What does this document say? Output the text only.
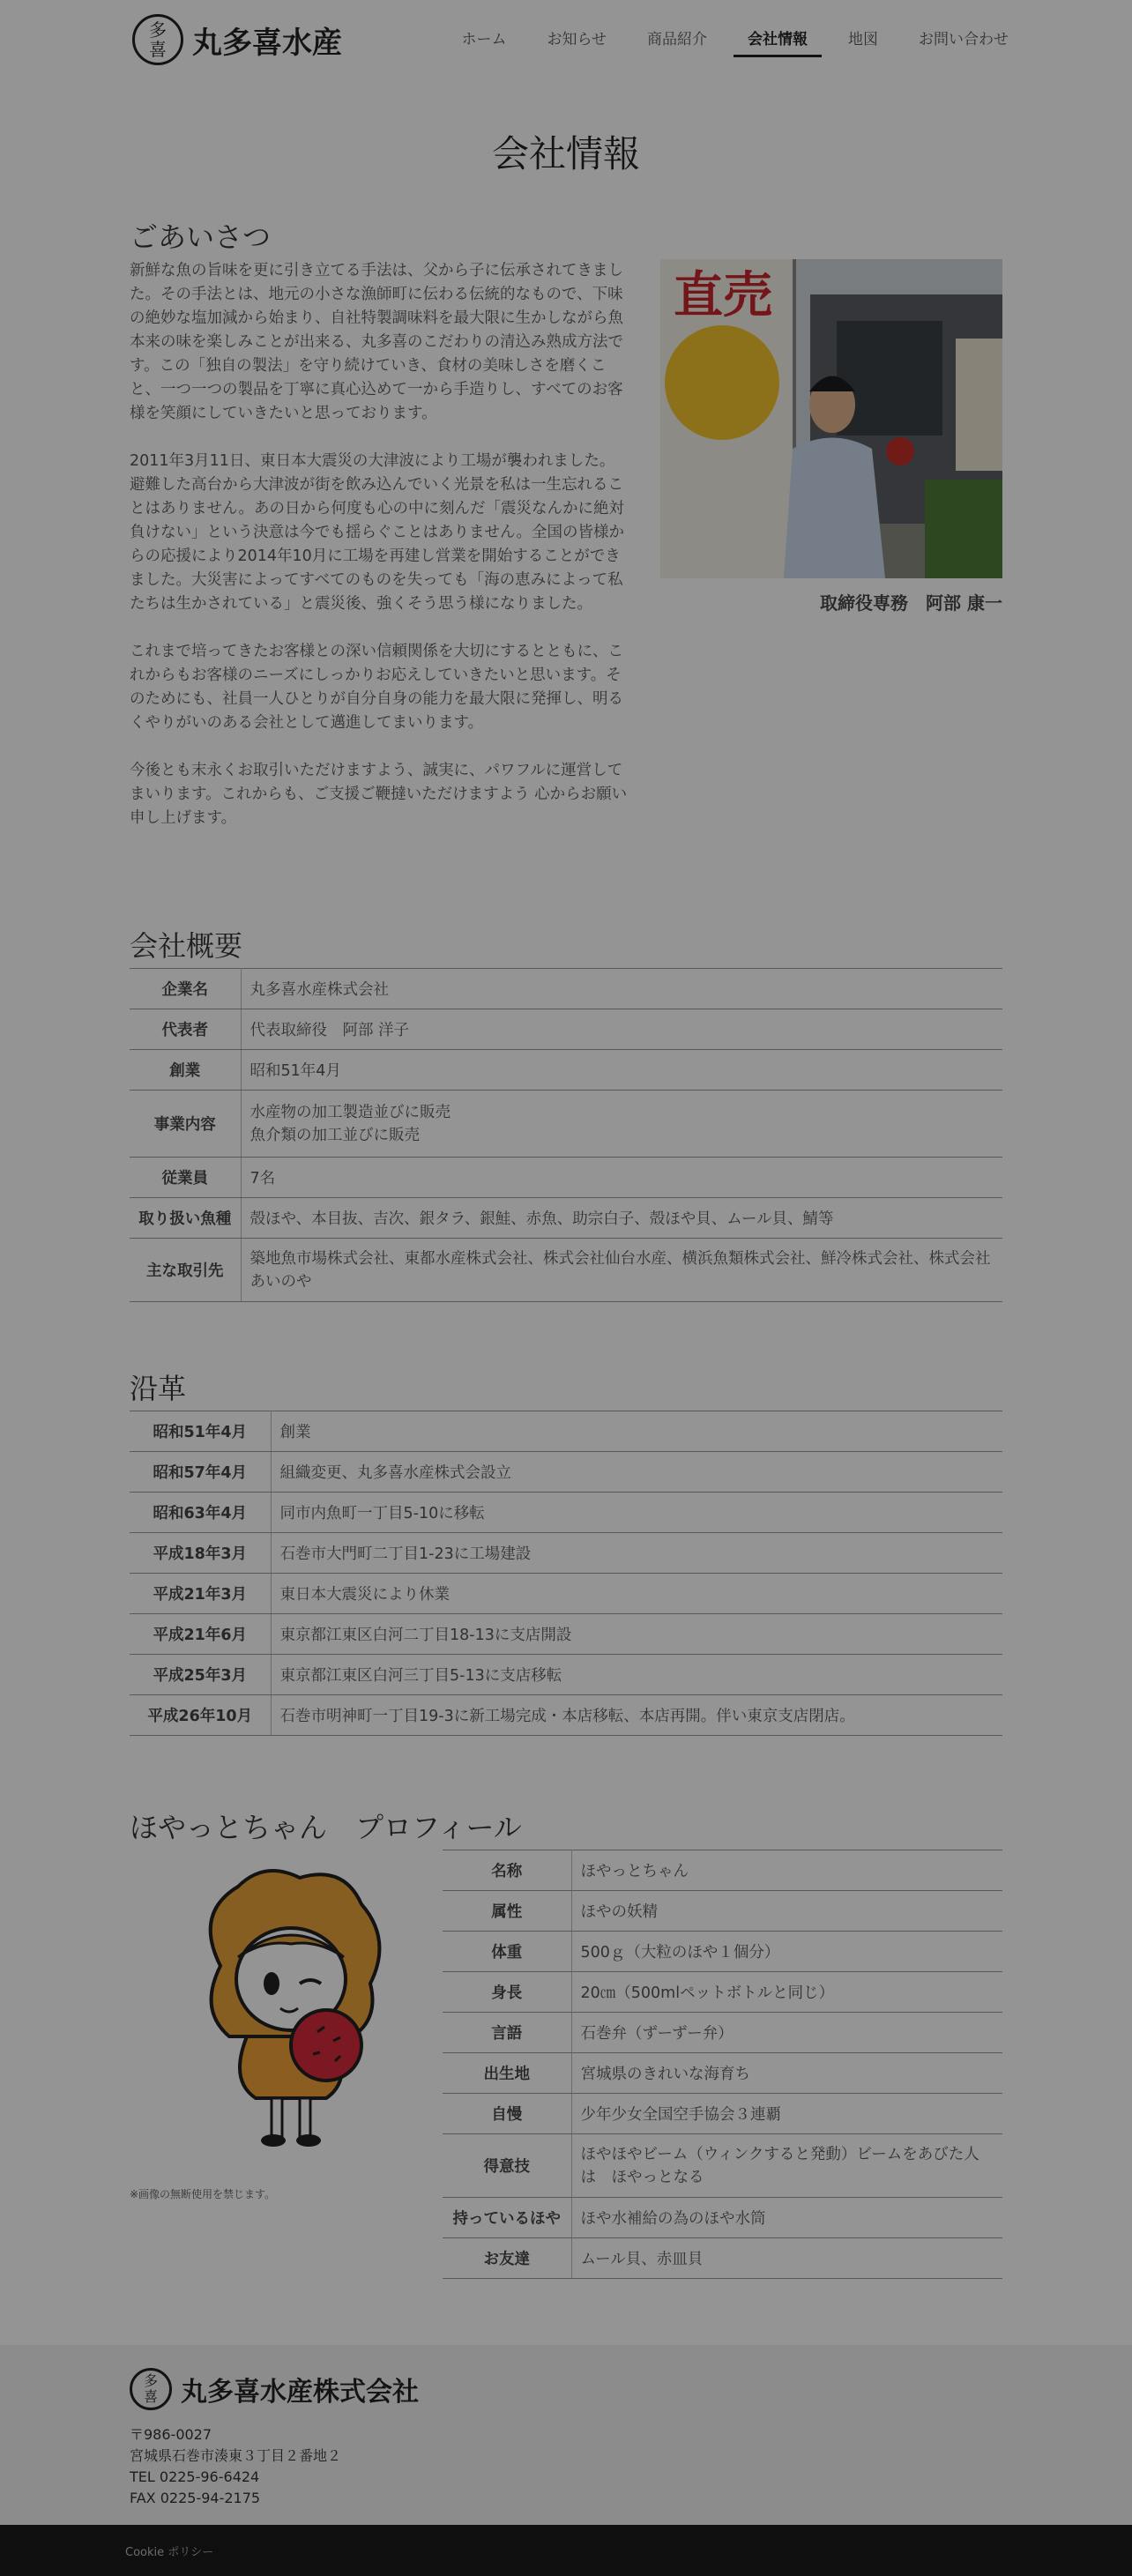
多
喜 丸多喜水産	ホーム	お知らせ	商品紹介	会社情報	地図	お問い合わせ
会社情報
ごあいさつ

新鮮な魚の旨味を更に引き立てる手法は、父から子に伝承されてきました。その手法とは、地元の小さな漁師町に伝わる伝統的なもので、下味の絶妙な塩加減から始まり、自社特製調味料を最大限に生かしながら魚本来の味を楽しみことが出来る、丸多喜のこだわりの清込み熟成方法です。この「独自の製法」を守り続けていき、食材の美味しさを磨くこと、一つ一つの製品を丁寧に真心込めて一から手造りし、すべてのお客様を笑顔にしていきたいと思っております。

2011年3月11日、東日本大震災の大津波により工場が襲われました。避難した高台から大津波が街を飲み込んでいく光景を私は一生忘れることはありません。あの日から何度も心の中に刻んだ「震災なんかに絶対負けない」という決意は今でも揺らぐことはありません。全国の皆様からの応援により2014年10月に工場を再建し営業を開始することができました。大災害によってすべてのものを失っても「海の恵みによって私たちは生かされている」と震災後、強くそう思う様になりました。

これまで培ってきたお客様との深い信頼関係を大切にするとともに、これからもお客様のニーズにしっかりお応えしていきたいと思います。そのためにも、社員一人ひとりが自分自身の能力を最大限に発揮し、明るくやりがいのある会社として邁進してまいります。

今後とも末永くお取引いただけますよう、誠実に、パワフルに運営してまいります。これからも、ご支援ご鞭撻いただけますよう 心からお願い申し上げます。

直売
取締役専務　阿部 康一
会社概要
企業名	丸多喜水産株式会社
代表者	代表取締役　阿部 洋子
創業	昭和51年4月
事業内容	水産物の加工製造並びに販売
魚介類の加工並びに販売
従業員	7名
取り扱い魚種	殻ほや、本目抜、吉次、銀タラ、銀鮭、赤魚、助宗白子、殻ほや貝、ムール貝、鯖等
主な取引先	築地魚市場株式会社、東都水産株式会社、株式会社仙台水産、横浜魚類株式会社、鮮冷株式会社、株式会社あいのや
沿革
昭和51年4月	創業
昭和57年4月	組織変更、丸多喜水産株式会設立
昭和63年4月	同市内魚町一丁目5-10に移転
平成18年3月	石巻市大門町二丁目1-23に工場建設
平成21年3月	東日本大震災により休業
平成21年6月	東京都江東区白河二丁目18-13に支店開設
平成25年3月	東京都江東区白河三丁目5-13に支店移転
平成26年10月	石巻市明神町一丁目19-3に新工場完成・本店移転、本店再開。伴い東京支店閉店。
ほやっとちゃん　プロフィール
※画像の無断使用を禁じます。
名称	ほやっとちゃん
属性	ほやの妖精
体重	500ｇ（大粒のほや１個分）
身長	20㎝（500mlペットボトルと同じ）
言語	石巻弁（ずーずー弁）
出生地	宮城県のきれいな海育ち
自慢	少年少女全国空手協会３連覇
得意技	ほやほやビーム（ウィンクすると発動）ビームをあびた人は　ほやっとなる
持っているほや	ほや水補給の為のほや水筒
お友達	ムール貝、赤皿貝
多
喜 丸多喜水産株式会社
〒986-0027
宮城県石巻市湊東３丁目２番地２
TEL 0225-96-6424
FAX 0225-94-2175
Cookie ポリシー
